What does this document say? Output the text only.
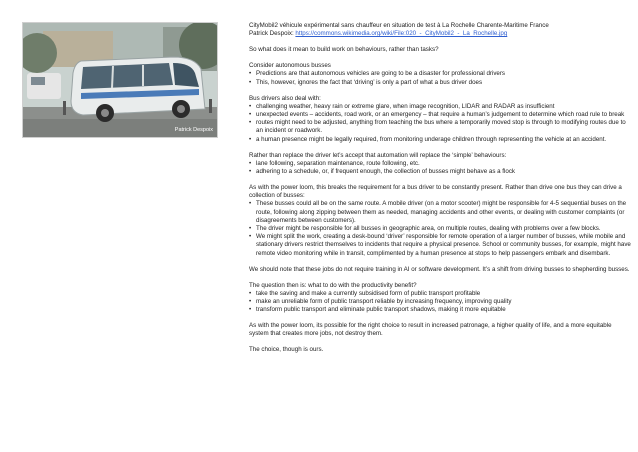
Patrick Despoix

CityMobil2 véhicule expérimental sans chauffeur en situation de test à La Rochelle Charente-Maritime France
Patrick Despoix: https://commons.wikimedia.org/wiki/File:020_-_CityMobil2_-_La_Rochelle.jpg

So what does it mean to build work on behaviours, rather than tasks?

Consider autonomous busses
• Predictions are that autonomous vehicles are going to be a disaster for professional drivers
• This, however, ignores the fact that ‘driving’ is only a part of what a bus driver does
Bus drivers also deal with:
• challenging weather, heavy rain or extreme glare, when image recognition, LIDAR and RADAR as insufficient
• unexpected events – accidents, road work, or an emergency – that require a human’s judgement to determine which road rule to break
• routes might need to be adjusted, anything from teaching the bus where a temporarily moved stop is through to modifying routes due to an incident or roadwork.
• a human presence might be legally required, from monitoring underage children through representing the vehicle at an accident.
Rather than replace the driver let’s accept that automation will replace the ‘simple’ behaviours:
• lane following, separation maintenance, route following, etc.
• adhering to a schedule, or, if frequent enough, the collection of busses might behave as a flock
As with the power loom, this breaks the requirement for a bus driver to be constantly present. Rather than drive one bus they can drive a collection of busses:
• These busses could all be on the same route. A mobile driver (on a motor scooter) might be responsible for 4-5 sequential buses on the route, following along zipping between them as needed, managing accidents and other events, or dealing with customer complaints (or disagreements between customers).
• The driver might be responsible for all busses in geographic area, on multiple routes, dealing with problems over a few blocks.
• We might split the work, creating a desk-bound ‘driver’ responsible for remote operation of a larger number of busses, while mobile and stationary drivers restrict themselves to incidents that require a physical presence. School or community busses, for example, might have remote video monitoring while in transit, complimented by a human presence at stops to help passengers embark and disembark.

We should note that these jobs do not require training in AI or software development. It’s a shift from driving busses to shepherding busses.

The question then is: what to do with the productivity benefit?
• take the saving and make a currently subsidised form of public transport profitable
• make an unreliable form of public transport reliable by increasing frequency, improving quality
• transform public transport and eliminate public transport shadows, making it more equitable

As with the power loom, its possible for the right choice to result in increased patronage, a higher quality of life, and a more equitable system that creates more jobs, not destroy them.

The choice, though is ours.
